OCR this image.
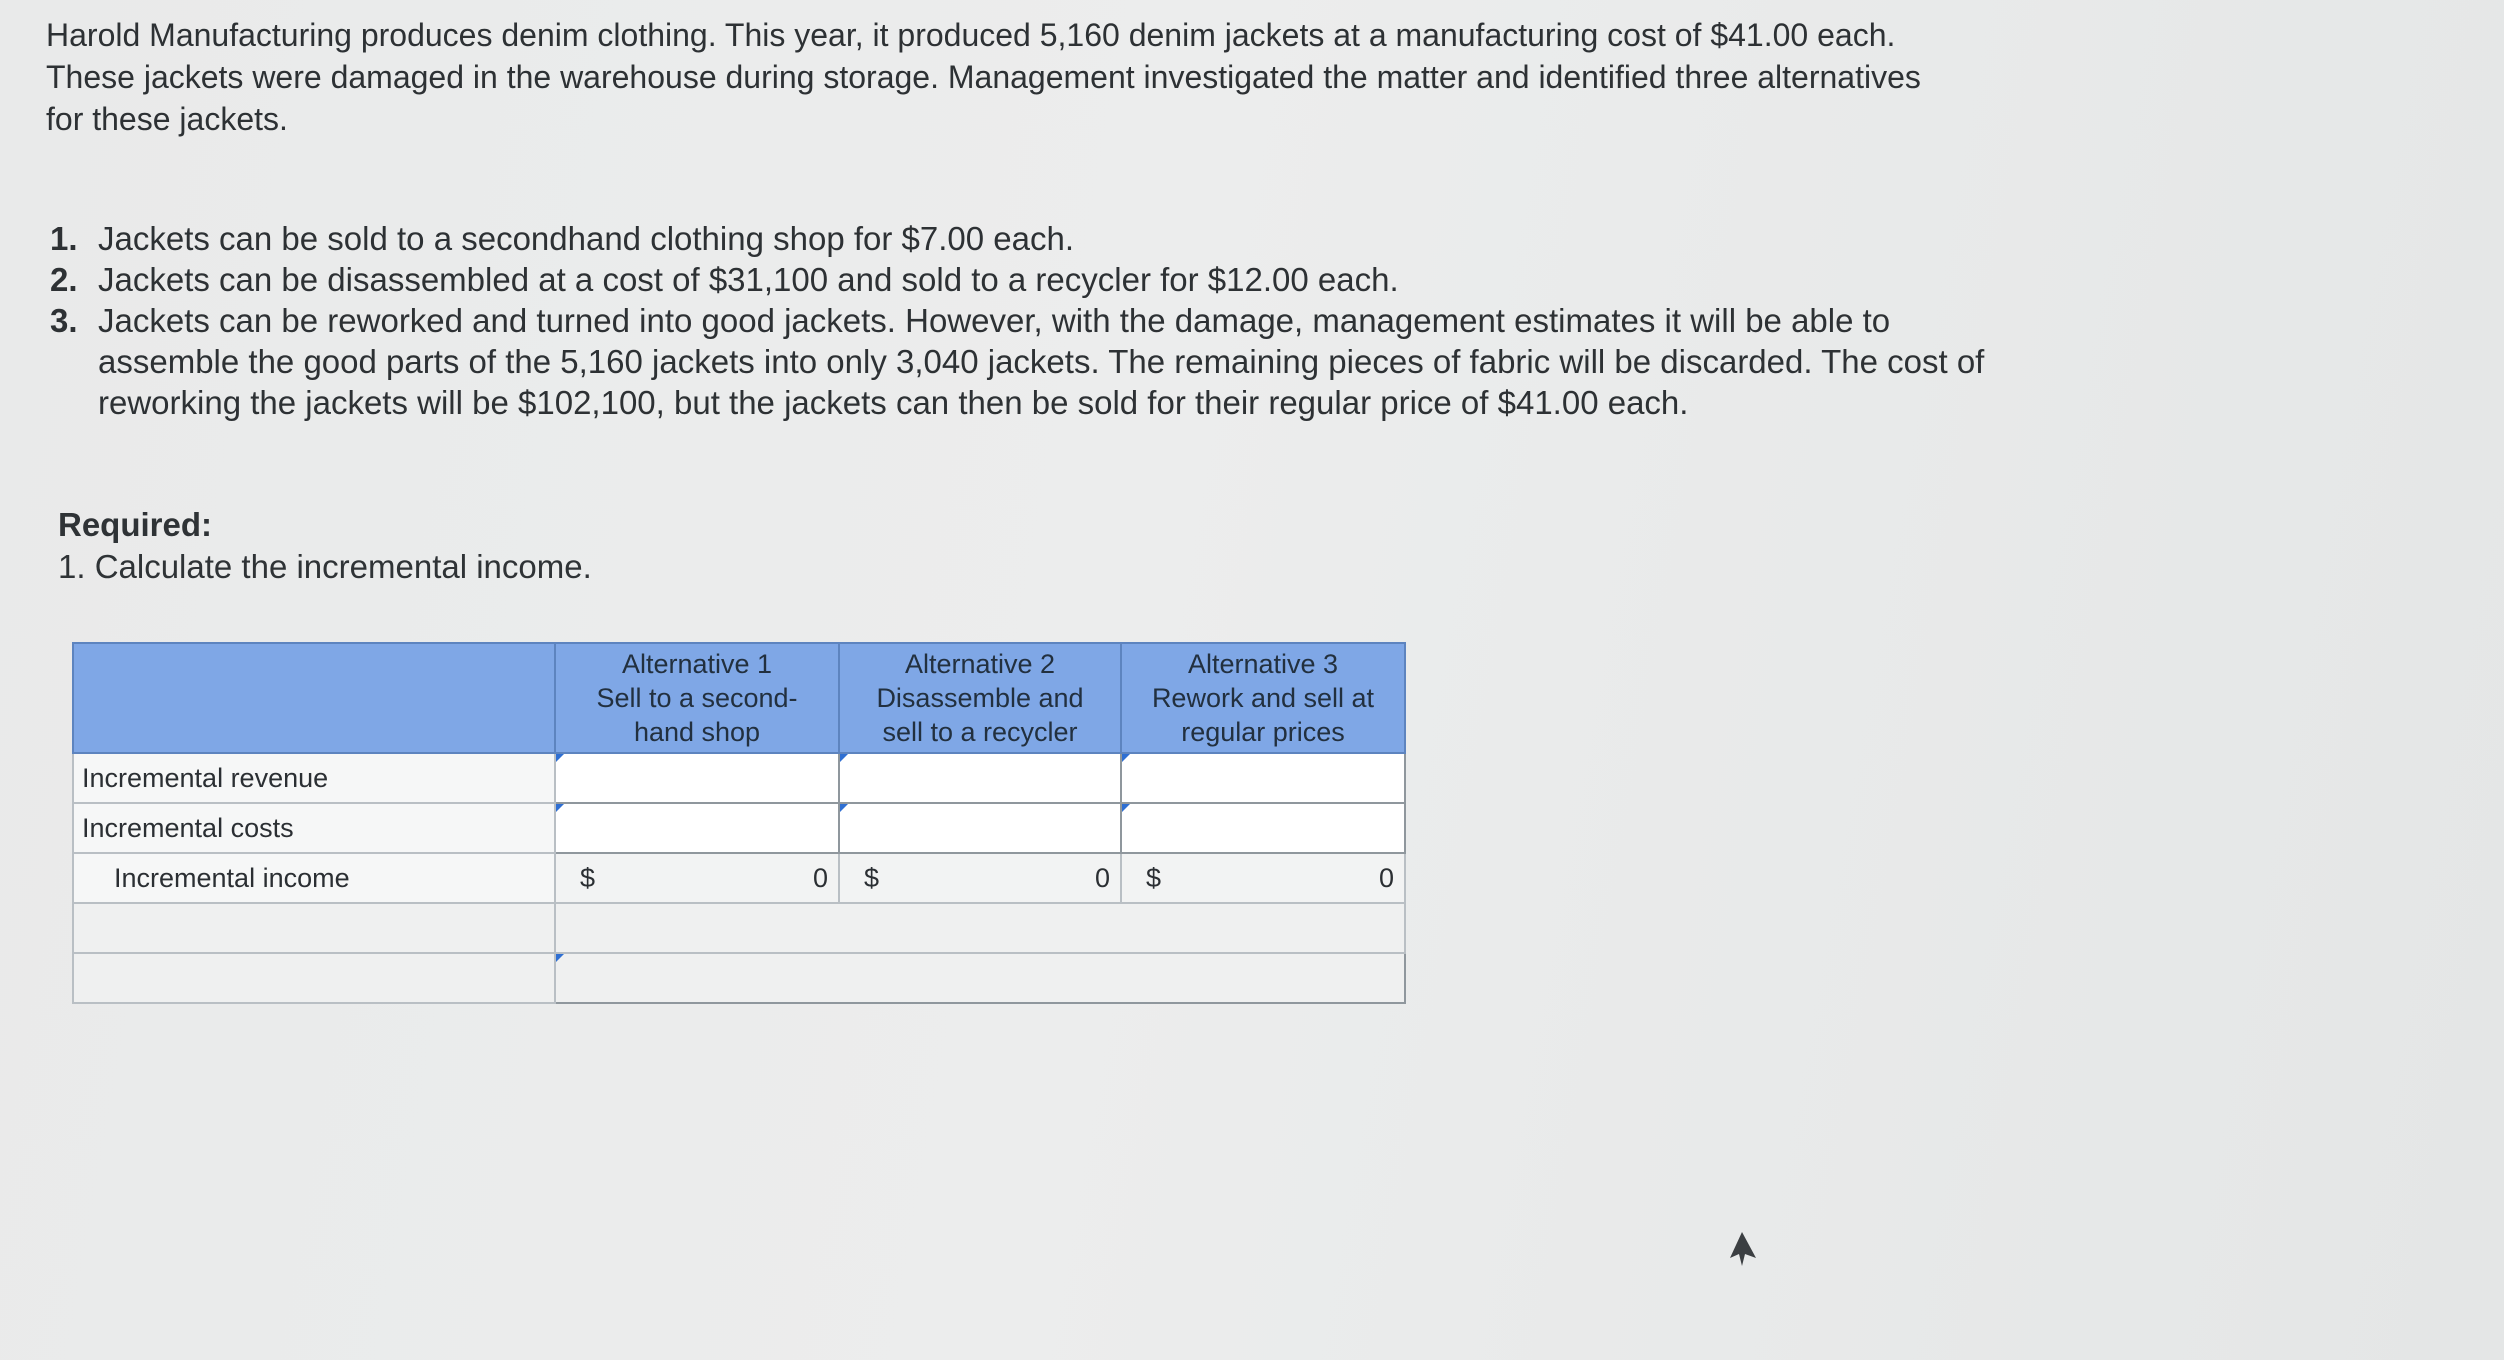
Harold Manufacturing produces denim clothing. This year, it produced 5,160 denim jackets at a manufacturing cost of $41.00 each.

These jackets were damaged in the warehouse during storage. Management investigated the matter and identified three alternatives

for these jackets.

1. Jackets can be sold to a secondhand clothing shop for $7.00 each.
2. Jackets can be disassembled at a cost of $31,100 and sold to a recycler for $12.00 each.
3. Jackets can be reworked and turned into good jackets. However, with the damage, management estimates it will be able to
assemble the good parts of the 5,160 jackets into only 3,040 jackets. The remaining pieces of fabric will be discarded. The cost of
reworking the jackets will be $102,100, but the jackets can then be sold for their regular price of $41.00 each.
Required:

1. Calculate the incremental income.

	Alternative 1
Sell to a second-
hand shop	Alternative 2
Disassemble and
sell to a recycler	Alternative 3
Rework and sell at
regular prices

Incremental revenue			
Incremental costs			
Incremental income	$ 0	$ 0	$ 0
